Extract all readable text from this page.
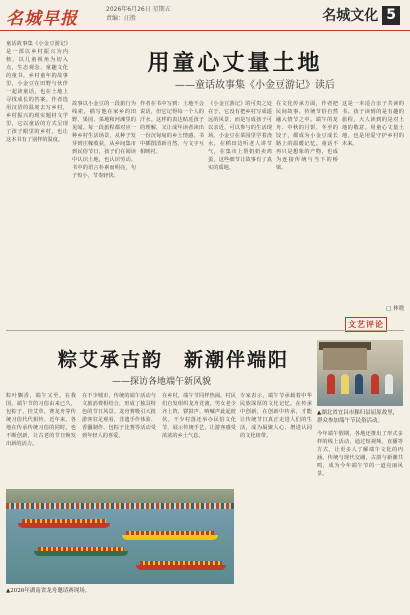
名城早报	2026年6月26日 星期五
责编：汪胜	名城文化 5
用童心丈量土地
——童话故事集《小金豆游记》读后

童话故事集《小金豆游记》是一部以乡村振兴为内核，以儿童视角为切入点，生态观念、童趣文化的童书。乡村童年的故事里，小金豆在田野与伙伴一起读童话，也在土地上寻找成长的答案。作者选用汉语的温度去写乡村，乡村振兴的现实题材文学里，它以童话的方式呈现了孩子眼里的乡村，也让这本书有了别样的温度。

故事以小金豆的一段旅行为线索，描写他在家乡的田野、果园、菜地和河滩里的见闻。每一段旅程都对应一种乡村生活场景，从种子发芽到庄稼收获，从乡间集市到民俗节日，孩子们在阅读中认识土地，也认识劳动。书中的语言朴素而明亮，句子短小，节奏轻快。

作者在书中写到：土地不会说话，但它记得每一个人的汗水。这样的表达贴近孩子的理解，又让成年读者读出一份沉甸甸的乡土情感。书中插图清新自然，与文字互相映衬。

《小金豆游记》的可贵之处在于，它没有把乡村写成遥远的风景，而是写成孩子可以亲近、可以参与的生活现场。小金豆在菜园里学着浇水，在稻田边听老人讲节气，在集市上帮奶奶卖鸡蛋，这些细节让故事有了真实的质地。

在文化传承方面，作者把民间故事、传统节俗自然融入情节之中。端午的龙舟、中秋的月饼、冬至的饺子，都成为小金豆成长路上的温暖记忆。童话不再只是想象的产物，也成为连接传统与当下的桥梁。

这是一本适合亲子共读的书。孩子读到的是有趣的旅程，大人读到的是对土地的敬意。用童心丈量土地，也是用爱守护乡村的未来。

□ 林晓
文艺评论
粽艾承古韵　新潮伴端阳
——探访各地端午新风貌
▲湖北省宜昌市秭归县屈原故里，群众参加端午节民俗活动。

粽叶飘香，端午又至。在我国，端午节的习俗由来已久，包粽子、挂艾草、赛龙舟等传统习俗代代相传。近年来，各地在传承传统习俗的同时，也不断创新，让古老的节日焕发出新的活力。

在不少城市，传统的端午活动与文旅消费相结合，形成了独具特色的节日风景。龙舟赛吸引大批游客驻足观看，非遗手作体验、香囊制作、包粽子比赛等活动受到年轻人的喜爱。

在乡村，端午节同样热闹。村民们自发组织龙舟竞渡，男女老少齐上阵，锣鼓声、呐喊声此起彼伏。不少村落还举办民俗文化节，展示传统手艺，让游客感受浓浓的乡土气息。

专家表示，端午节承载着中华民族深厚的文化记忆。在传承中创新，在创新中传承，才能让传统节日真正走进人们的生活，成为凝聚人心、增进认同的文化纽带。	今年端午假期，各地还推出了形式多样的线上活动，通过短视频、直播等方式，让更多人了解端午文化的内涵。传统与现代交融，古韵与新潮共鸣，成为今年端午节的一道亮丽风景。

▲2026年湖南省龙舟邀请赛现场。
